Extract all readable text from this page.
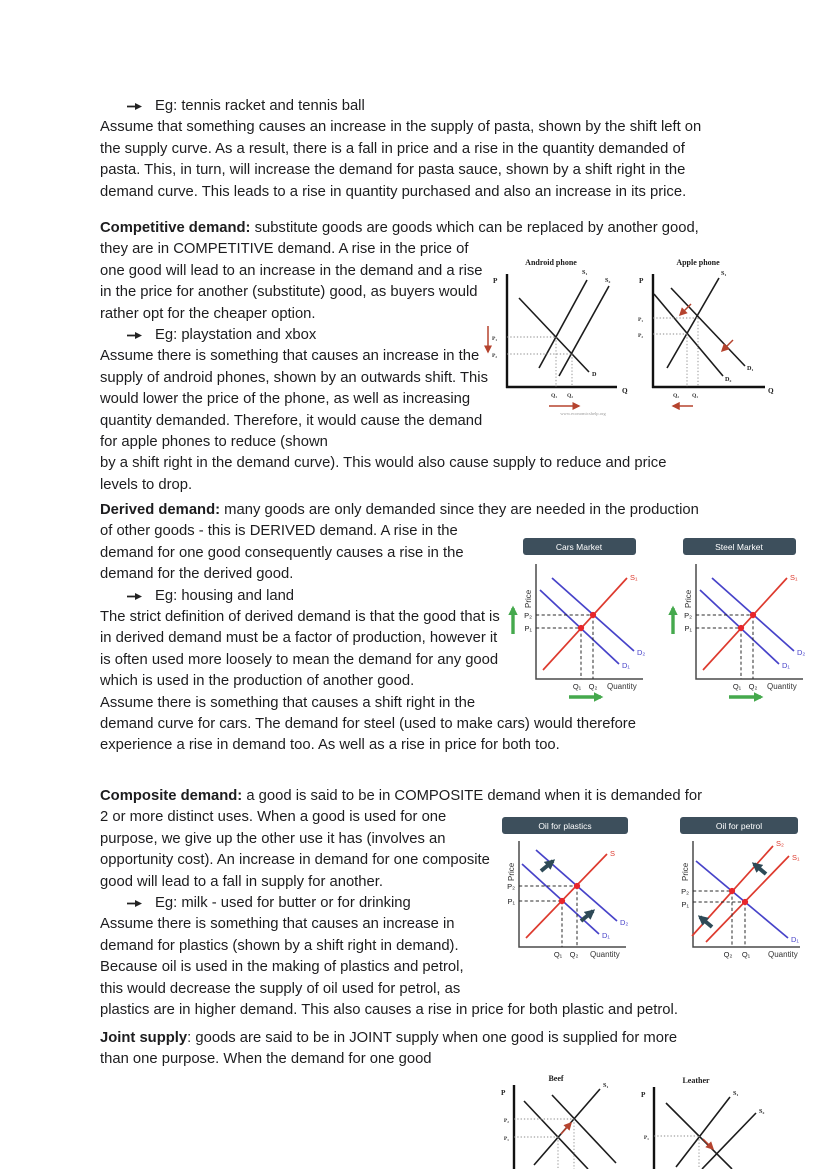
Eg: tennis racket and tennis ball
Assume that something causes an increase in the supply of pasta, shown by the shift left on
the supply curve. As a result, there is a fall in price and a rise in the quantity demanded of
pasta. This, in turn, will increase the demand for pasta sauce, shown by a shift right in the
demand curve. This leads to a rise in quantity purchased and also an increase in its price.
Competitive demand: substitute goods are goods which can be replaced by another good,
they are in COMPETITIVE demand. A rise in the price of one good will lead to an increase in the demand and a rise in the price for another (substitute) good, as buyers would rather opt for the cheaper option.
Eg: playstation and xbox
Assume there is something that causes an increase in the supply of android phones, shown by an outwards shift. This would lower the price of the phone, as well as increasing quantity demanded. Therefore, it would cause the demand for apple phones to reduce (shown
by a shift right in the demand curve). This would also cause supply to reduce and price
levels to drop.
Android phone
P
D
S₁
S₂
P₁
P₂
Q₁ Q₂
Q
www.economicshelp.org
Apple phone
P
S₁
D₁
D₂
P₁
P₂
Q₂ Q₁
Q
Derived demand: many goods are only demanded since they are needed in the production
of other goods - this is DERIVED demand. A rise in the demand for one good consequently causes a rise in the demand for the derived good.
Eg: housing and land
The strict definition of derived demand is that the good that is in derived demand must be a factor of production, however it is often used more loosely to mean the demand for any good which is used in the production of another good.
Assume there is something that causes a shift right in the
demand curve for cars. The demand for steel (used to make cars) would therefore
experience a rise in demand too. As well as a rise in price for both too.
Cars Market
Price
S₁
D₁
D₂
P₂
P₁
Q₁ Q₂ Quantity
Steel Market
Price
S₁
D₁
D₂
P₂
P₁
Q₁ Q₂ Quantity
Composite demand: a good is said to be in COMPOSITE demand when it is demanded for
2 or more distinct uses. When a good is used for one purpose, we give up the other use it has (involves an opportunity cost). An increase in demand for one composite good will lead to a fall in supply for another.
Eg: milk - used for butter or for drinking
Assume there is something that causes an increase in demand for plastics (shown by a shift right in demand). Because oil is used in the making of plastics and petrol, this would decrease the supply of oil used for petrol, as
plastics are in higher demand. This also causes a rise in price for both plastic and petrol.
Oil for plastics
Price
S
D₁
D₂
P₂
P₁
Q₁ Q₂ Quantity
Oil for petrol
Price
D₁
S₁
S₂
P₂
P₁
Q₂ Q₁ Quantity
Joint supply: goods are said to be in JOINT supply when one good is supplied for more
than one purpose. When the demand for one good
Beef
P
S₁
P₂
P₁
Leather
P	S₁
S₂
P₁
